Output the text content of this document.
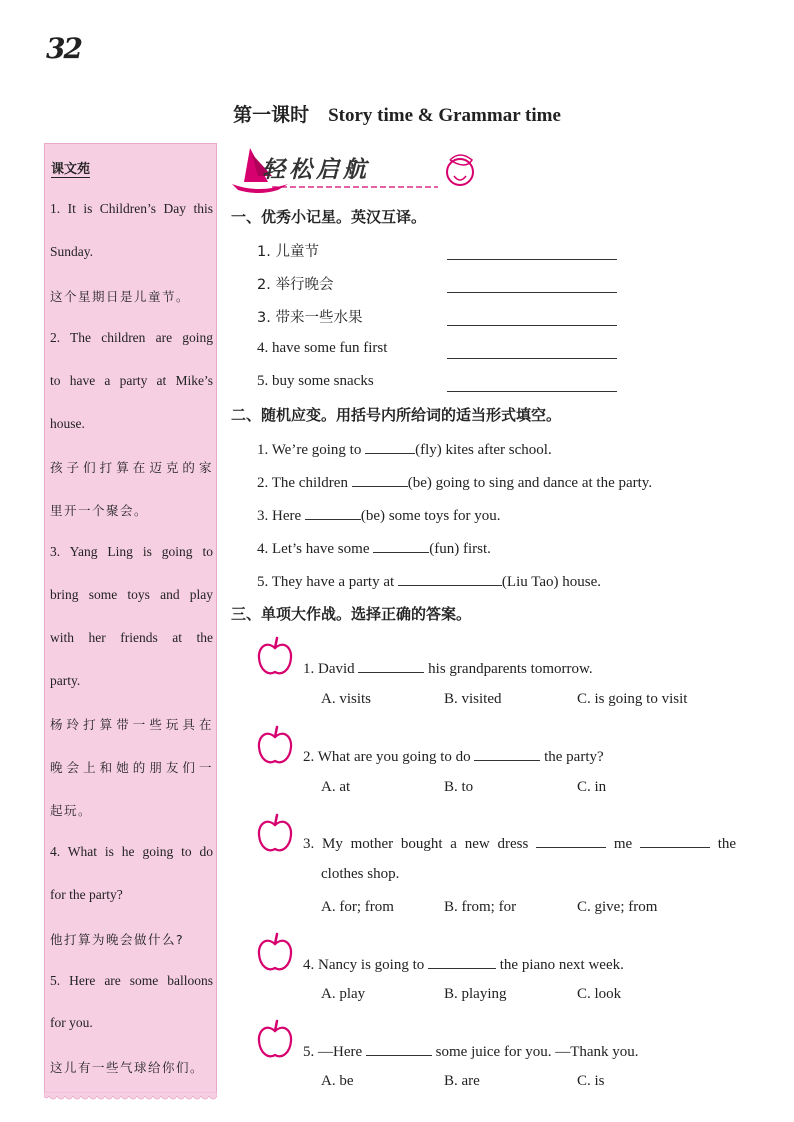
32
第一课时　Story time & Grammar time
课文苑
1. It is Children’s Day this
Sunday.
这个星期日是儿童节。
2. The children are going
to have a party at Mike’s
house.
孩子们打算在迈克的家
里开一个聚会。
3. Yang Ling is going to
bring some toys and play
with her friends at the
party.
杨玲打算带一些玩具在
晚会上和她的朋友们一
起玩。
4. What is he going to do
for the party?
他打算为晚会做什么?
5. Here are some balloons
for you.
这儿有一些气球给你们。
轻松启航
一、优秀小记星。英汉互译。
1. 儿童节
2. 举行晚会
3. 带来一些水果
4. have some fun first
5. buy some snacks
二、随机应变。用括号内所给词的适当形式填空。
1. We’re going to	(fly) kites after school.
2. The children	(be) going to sing and dance at the party.
3. Here	(be) some toys for you.
4. Let’s have some	(fun) first.
5. They have a party at	(Liu Tao) house.
三、单项大作战。选择正确的答案。
1. David	his grandparents tomorrow.
A. visits	B. visited	C. is going to visit
2. What are you going to do	the party?
A. at	B. to	C. in
3. My mother bought a new dress	me	the
clothes shop.
A. for; from	B. from; for	C. give; from
4. Nancy is going to	the piano next week.
A. play	B. playing	C. look
5. —Here	some juice for you. —Thank you.
A. be	B. are	C. is
